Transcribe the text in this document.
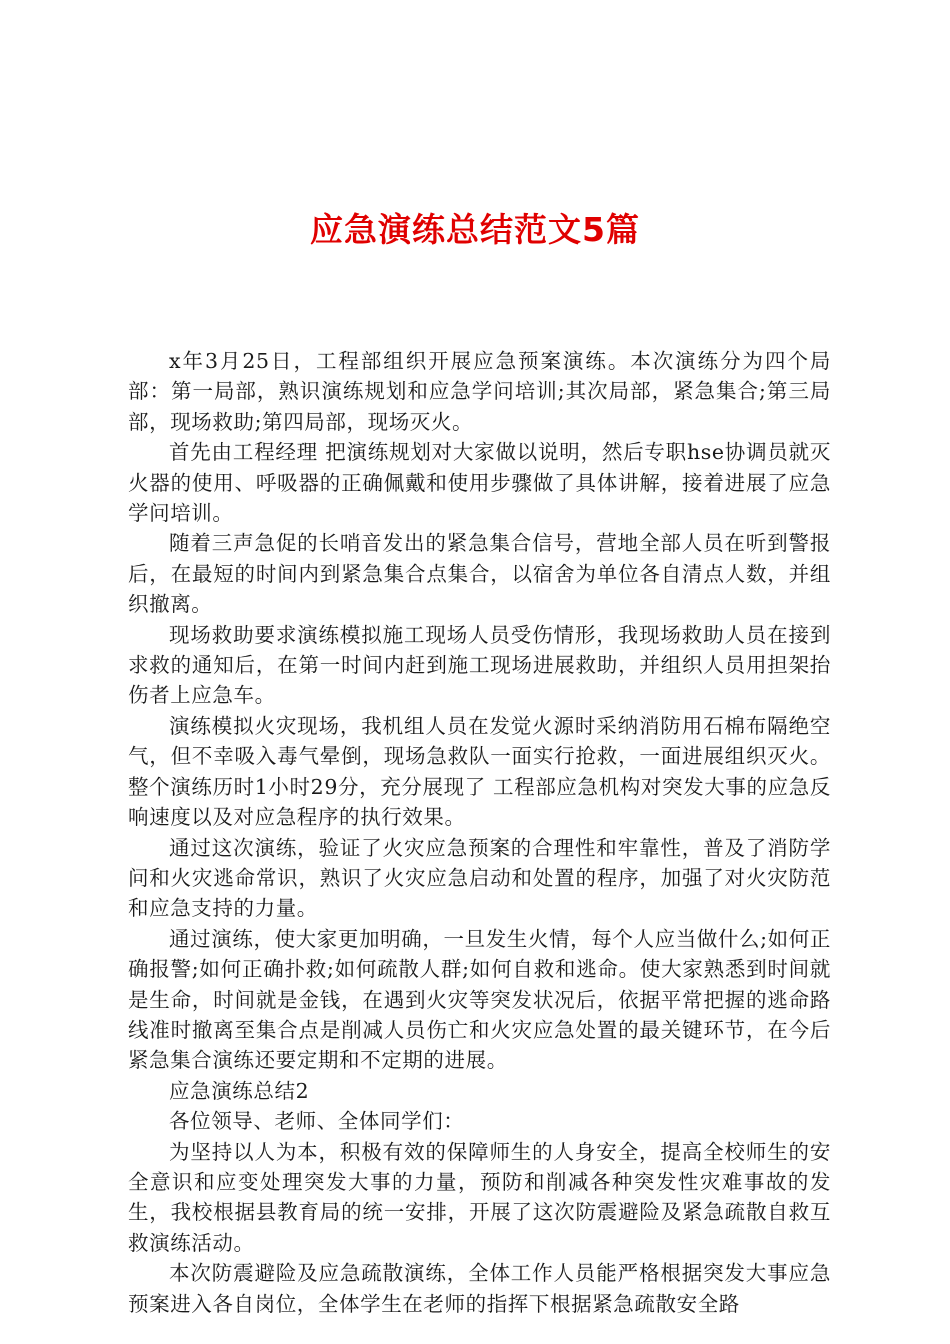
应急演练总结范文5篇

x年3月25日，工程部组织开展应急预案演练。本次演练分为四个局部：第一局部，熟识演练规划和应急学问培训;其次局部，紧急集合;第三局部，现场救助;第四局部，现场灭火。

首先由工程经理 把演练规划对大家做以说明，然后专职hse协调员就灭火器的使用、呼吸器的正确佩戴和使用步骤做了具体讲解，接着进展了应急学问培训。

随着三声急促的长哨音发出的紧急集合信号，营地全部人员在听到警报后，在最短的时间内到紧急集合点集合，以宿舍为单位各自清点人数，并组织撤离。

现场救助要求演练模拟施工现场人员受伤情形，我现场救助人员在接到求救的通知后，在第一时间内赶到施工现场进展救助，并组织人员用担架抬伤者上应急车。

演练模拟火灾现场，我机组人员在发觉火源时采纳消防用石棉布隔绝空气，但不幸吸入毒气晕倒，现场急救队一面实行抢救，一面进展组织灭火。整个演练历时1小时29分，充分展现了 工程部应急机构对突发大事的应急反响速度以及对应急程序的执行效果。

通过这次演练，验证了火灾应急预案的合理性和牢靠性，普及了消防学问和火灾逃命常识，熟识了火灾应急启动和处置的程序，加强了对火灾防范和应急支持的力量。

通过演练，使大家更加明确，一旦发生火情，每个人应当做什么;如何正确报警;如何正确扑救;如何疏散人群;如何自救和逃命。使大家熟悉到时间就是生命，时间就是金钱，在遇到火灾等突发状况后，依据平常把握的逃命路线准时撤离至集合点是削减人员伤亡和火灾应急处置的最关键环节，在今后紧急集合演练还要定期和不定期的进展。

应急演练总结2

各位领导、老师、全体同学们：

为坚持以人为本，积极有效的保障师生的人身安全，提高全校师生的安全意识和应变处理突发大事的力量，预防和削减各种突发性灾难事故的发生，我校根据县教育局的统一安排，开展了这次防震避险及紧急疏散自救互救演练活动。

本次防震避险及应急疏散演练，全体工作人员能严格根据突发大事应急预案进入各自岗位，全体学生在老师的指挥下根据紧急疏散安全路
